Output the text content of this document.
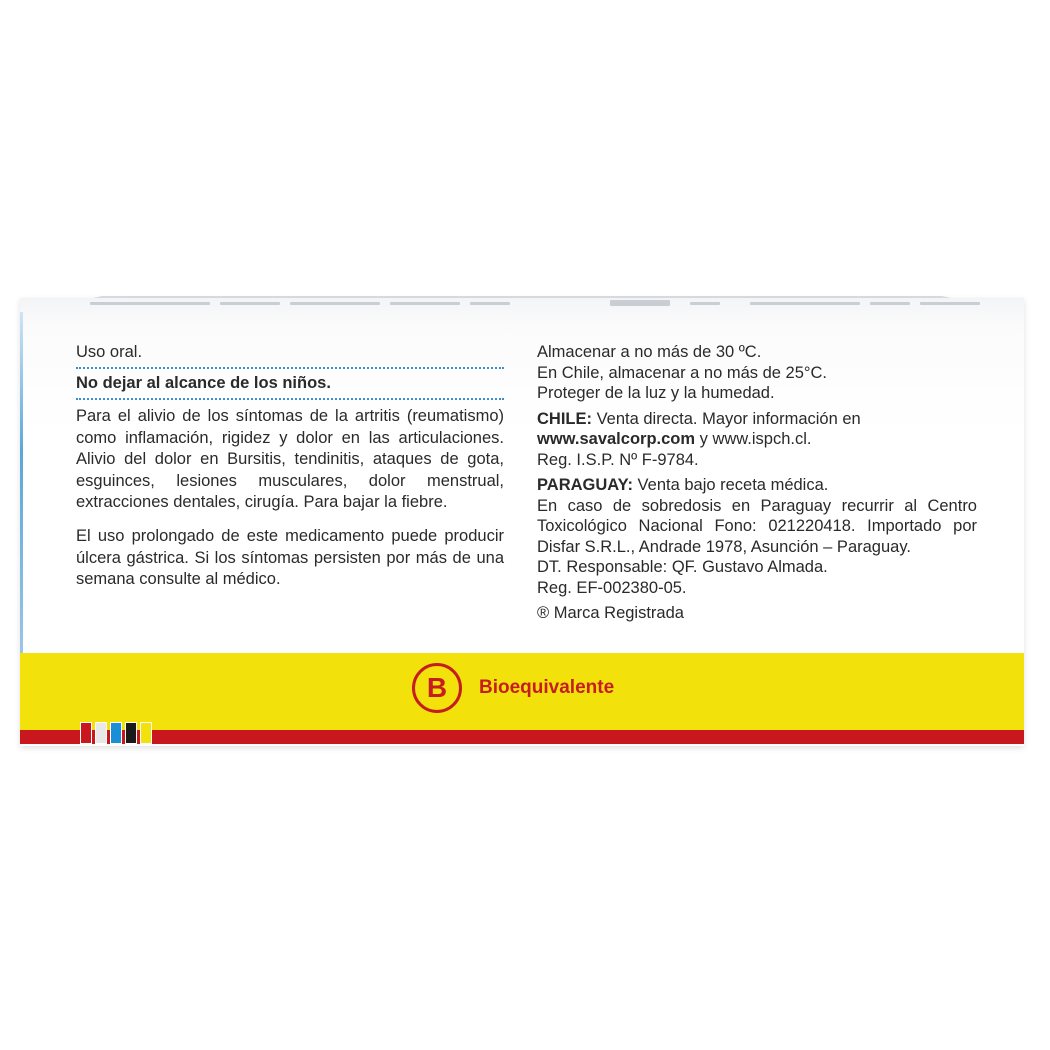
Uso oral.
No dejar al alcance de los niños.
Para el alivio de los síntomas de la artritis (reumatismo) como inflamación, rigidez y dolor en las articulaciones. Alivio del dolor en Bursitis, tendinitis, ataques de gota, esguinces, lesiones musculares, dolor menstrual, extracciones dentales, cirugía. Para bajar la fiebre.
El uso prolongado de este medicamento puede producir úlcera gástrica. Si los síntomas persisten por más de una semana consulte al médico.
Almacenar a no más de 30 ºC.
En Chile, almacenar a no más de 25°C.
Proteger de la luz y la humedad.
CHILE: Venta directa. Mayor información en
www.savalcorp.com y www.ispch.cl.
Reg. I.S.P. Nº F-9784.
PARAGUAY: Venta bajo receta médica.
En caso de sobredosis en Paraguay recurrir al Centro Toxicológico Nacional Fono: 021220418. Importado por Disfar S.R.L., Andrade 1978, Asunción – Paraguay.
DT. Responsable: QF. Gustavo Almada.
Reg. EF-002380-05.
® Marca Registrada
B	Bioequivalente
